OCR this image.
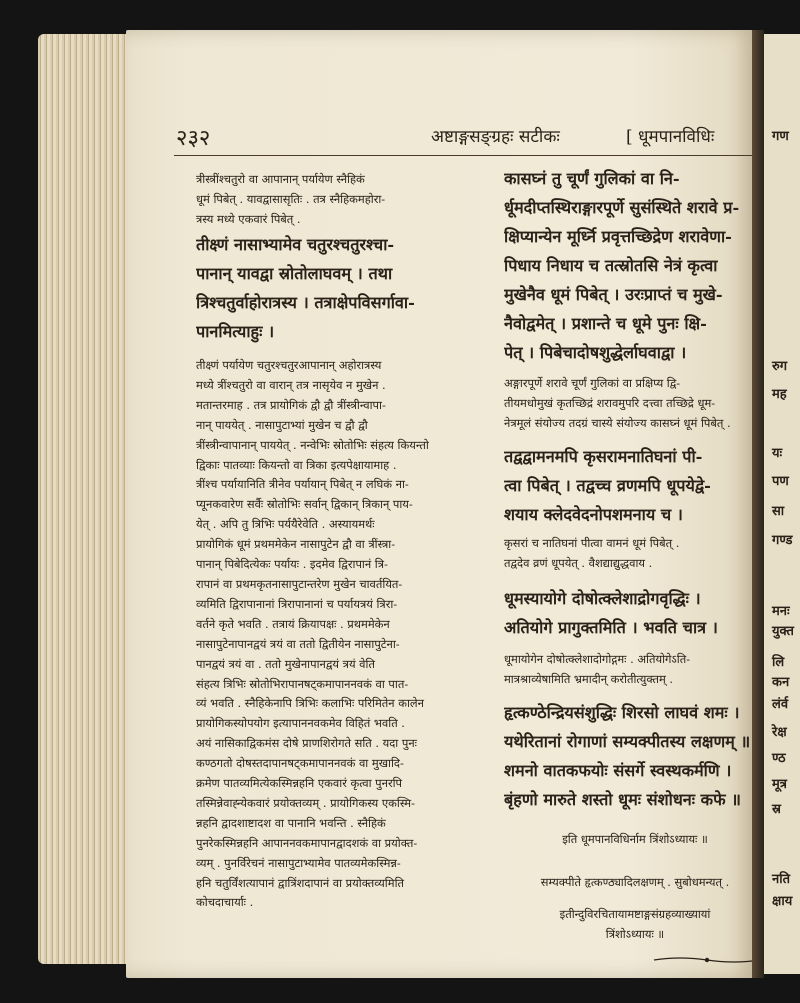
२३२	अष्टाङ्गसङ्ग्रहः सटीकः	[ धूमपानविधिः

त्रीस्त्रींश्चतुरो वा आपानान् पर्यायेण स्नैहिकं

धूमं पिबेत् . यावद्वासासृतिः . तत्र स्नैहिकमहोरा-

त्रस्य मध्ये एकवारं पिबेत् .

तीक्ष्णं नासाभ्यामेव चतुरश्चतुरश्चा-

पानान् यावद्वा स्रोतोलाघवम् । तथा

त्रिश्चतुर्वाहोरात्रस्य । तत्राक्षेपविसर्गावा-

पानमित्याहुः ।

तीक्ष्णं पर्यायेण चतुरश्चतुरआपानान् अहोरात्रस्य

मध्ये त्रींश्चतुरो वा वारान् तत्र नासृयेव न मुखेन .

मतान्तरमाह . तत्र प्रायोगिकं द्वौ द्वौ त्रींस्त्रीन्वापा-

नान् पाययेत् . नासापुटाभ्यां मुखेन च द्वौ द्वौ

त्रींस्त्रीन्वापानान् पाययेत् . नन्वेभिः स्रोतोभिः संहत्य कियन्तो

द्विकाः पातव्याः कियन्तो वा त्रिका इत्यपेक्षायामाह .

त्रींश्च पर्यायानिति त्रीनेव पर्यायान् पिबेत् न लघिकं ना-

प्यूनकवारेण सर्वैः स्रोतोभिः सर्वान् द्विकान् त्रिकान् पाय-

येत् . अपि तु त्रिभिः पर्ययैरेवेति . अस्यायमर्थः

प्रायोगिकं धूमं प्रथममेकेन नासापुटेन द्वौ वा त्रींस्त्रा-

पानान् पिबेदित्येकः पर्यायः . इदमेव द्विरापानं त्रि-

रापानं वा प्रथमकृतनासापुटान्तरेण मुखेन चावर्तयित-

व्यमिति द्विरापानानां त्रिरापानानां च पर्यायत्रयं त्रिरा-

वर्तने कृते भवति . तत्रायं क्रियापक्षः . प्रथममेकेन

नासापुटेनापानद्वयं त्रयं वा ततो द्वितीयेन नासापुटेना-

पानद्वयं त्रयं वा . ततो मुखेनापानद्वयं त्रयं वेति

संहत्य त्रिभिः स्रोतोभिरापानषट्कमापाननवकं वा पात-

व्यं भवति . स्नैहिकेनापि त्रिभिः कलाभिः परिमितेन कालेन

प्रायोगिकस्योपयोग इत्यापाननवकमेव विहितं भवति .

अयं नासिकाद्विकमंस दोषे प्राणशिरोगते सति . यदा पुनः

कण्ठगतो दोषस्तदापानषट्कमापाननवकं वा मुखादि-

क्रमेण पातव्यमित्येकस्मिन्नहनि एकवारं कृत्वा पुनरपि

तस्मिन्नेवाह्न्येकवारं प्रयोक्तव्यम् . प्रायोगिकस्य एकस्मि-

न्नहनि द्वादशाष्टादश वा पानानि भवन्ति . स्नैहिकं

पुनरेकस्मिन्नहनि आपाननवकमापानद्वादशकं वा प्रयोक्त-

व्यम् . पुनर्विरेचनं नासापुटाभ्यामेव पातव्यमेकस्मिन्न-

हनि चतुर्विंशत्यापानं द्वात्रिंशदापानं वा प्रयोक्तव्यमिति

कोचदाचार्याः .

कासघ्नं तु चूर्णं गुलिकां वा नि-

र्धूमदीप्तस्थिराङ्गारपूर्णे सुसंस्थिते शरावे प्र-

क्षिप्यान्येन मूर्ध्नि प्रवृत्तच्छिद्रेण शरावेणा-

पिधाय निधाय च तत्स्रोतसि नेत्रं कृत्वा

मुखेनैव धूमं पिबेत् । उरःप्राप्तं च मुखे-

नैवोद्वमेत् । प्रशान्ते च धूमे पुनः क्षि-

पेत् । पिबेचादोषशुद्धेर्लाघवाद्वा ।

अङ्गारपूर्णे शरावे चूर्णं गुलिकां वा प्रक्षिप्य द्वि-

तीयमधोमुखं कृतच्छिद्रं शरावमुपरि दत्त्वा तच्छिद्रे धूम-

नेत्रमूलं संयोज्य तदग्रं चास्ये संयोज्य कासघ्नं धूमं पिबेत् .

तद्वद्वामनमपि कृसरामनातिघनां पी-

त्वा पिबेत् । तद्वच्च व्रणमपि धूपयेद्वे-

शयाय क्लेदवेदनोपशमनाय च ।

कृसरां च नातिघनां पीत्वा वामनं धूमं पिबेत् .

तद्वदेव व्रणं धूपयेत् . वैशद्याद्युद्धवाय .

धूमस्यायोगे दोषोत्क्लेशाद्रोगवृद्धिः ।

अतियोगे प्रागुक्तमिति । भवति चात्र ।

धूमायोगेन दोषोत्क्लेशादोगोद्गमः . अतियोगेऽति-

मात्रश्राव्येषामिति भ्रमादीन् करोतीत्युक्तम् .

हृत्कण्ठेन्द्रियसंशुद्धिः शिरसो लाघवं शमः ।

यथेरितानां रोगाणां सम्यक्पीतस्य लक्षणम् ॥

शमनो वातकफयोः संसर्गे स्वस्थकर्मणि ।

बृंहणो मारुते शस्तो धूमः संशोधनः कफे ॥

इति धूमपानविधिर्नाम त्रिंशोऽध्यायः ॥

सम्यक्पीते हृत्कण्ठ्यादिलक्षणम् . सुबोधमन्यत् .

इतीन्दुविरचितायामष्टाङ्गसंग्रहव्याख्यायां

त्रिंशोऽध्यायः ॥

गण
रुग
मह
यः
पण
सा
गण्ड
मनः
युक्त
लि
कन
लंर्व
रेक्ष
ण्ठ
मूत्र
स्र
नति
क्षाय
